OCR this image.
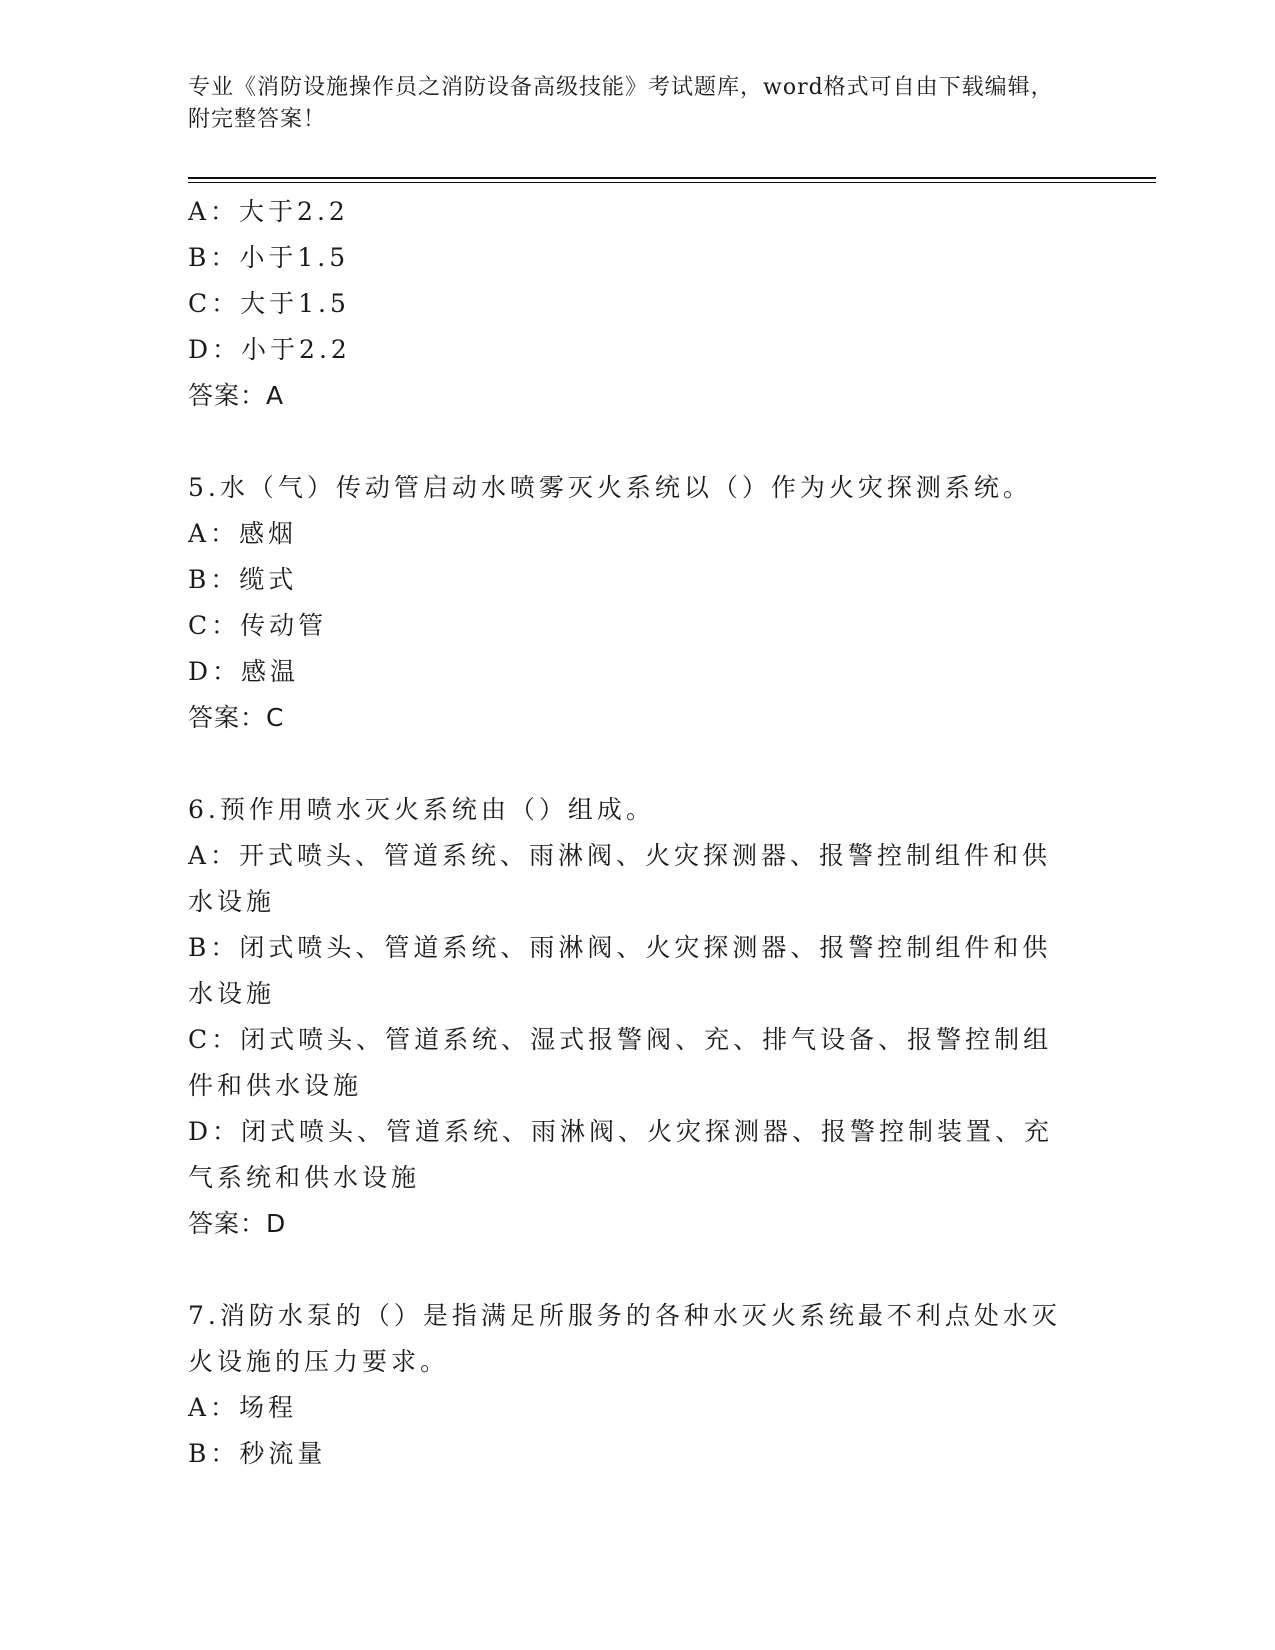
专业《消防设施操作员之消防设备高级技能》考试题库，word格式可自由下载编辑，附完整答案！

A：大于2.2

B：小于1.5

C：大于1.5

D：小于2.2

答案：A

5.水（气）传动管启动水喷雾灭火系统以（）作为火灾探测系统。

A：感烟

B：缆式

C：传动管

D：感温

答案：C

6.预作用喷水灭火系统由（）组成。

A：开式喷头、管道系统、雨淋阀、火灾探测器、报警控制组件和供水设施

B：闭式喷头、管道系统、雨淋阀、火灾探测器、报警控制组件和供水设施

C：闭式喷头、管道系统、湿式报警阀、充、排气设备、报警控制组件和供水设施

D：闭式喷头、管道系统、雨淋阀、火灾探测器、报警控制装置、充气系统和供水设施

答案：D

7.消防水泵的（）是指满足所服务的各种水灭火系统最不利点处水灭火设施的压力要求。

A：场程

B：秒流量
